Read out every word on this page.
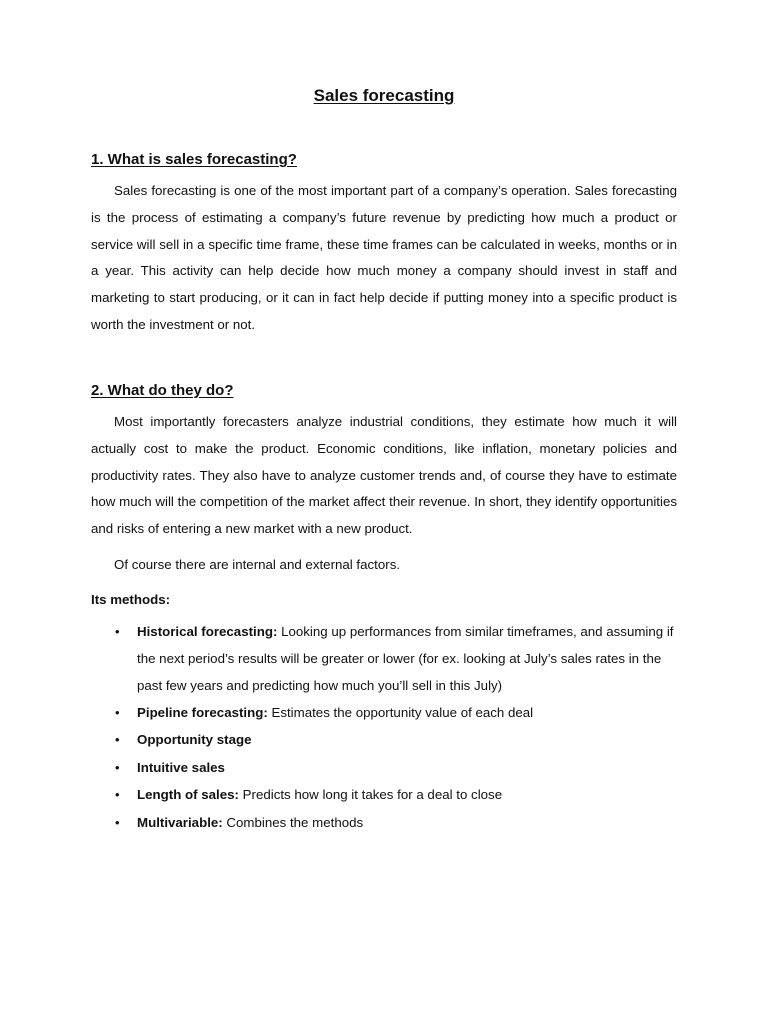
Sales forecasting
1. What is sales forecasting?

Sales forecasting is one of the most important part of a company’s operation. Sales forecasting is the process of estimating a company’s future revenue by predicting how much a product or service will sell in a specific time frame, these time frames can be calculated in weeks, months or in a year. This activity can help decide how much money a company should invest in staff and marketing to start producing, or it can in fact help decide if putting money into a specific product is worth the investment or not.

2. What do they do?

Most importantly forecasters analyze industrial conditions, they estimate how much it will actually cost to make the product. Economic conditions, like inflation, monetary policies and productivity rates. They also have to analyze customer trends and, of course they have to estimate how much will the competition of the market affect their revenue. In short, they identify opportunities and risks of entering a new market with a new product.

Of course there are internal and external factors.

Its methods:

• Historical forecasting: Looking up performances from similar timeframes, and assuming if the next period’s results will be greater or lower (for ex. looking at July’s sales rates in the past few years and predicting how much you’ll sell in this July)
• Pipeline forecasting: Estimates the opportunity value of each deal
• Opportunity stage
• Intuitive sales
• Length of sales: Predicts how long it takes for a deal to close
• Multivariable: Combines the methods
